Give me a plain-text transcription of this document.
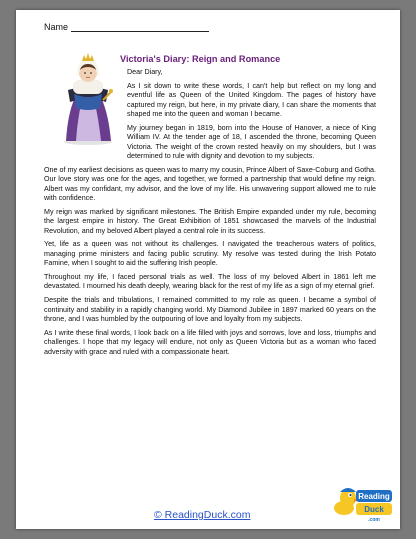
Name
Victoria's Diary: Reign and Romance

Dear Diary,

As I sit down to write these words, I can't help but reflect on my long and eventful life as Queen of the United Kingdom. The pages of history have captured my reign, but here, in my private diary, I can share the moments that shaped me into the queen and woman I became.

My journey began in 1819, born into the House of Hanover, a niece of King William IV. At the tender age of 18, I ascended the throne, becoming Queen Victoria. The weight of the crown rested heavily on my shoulders, but I was determined to rule with dignity and devotion to my subjects.

One of my earliest decisions as queen was to marry my cousin, Prince Albert of Saxe-Coburg and Gotha. Our love story was one for the ages, and together, we formed a partnership that would define my reign. Albert was my confidant, my advisor, and the love of my life. His unwavering support allowed me to rule with confidence.

My reign was marked by significant milestones. The British Empire expanded under my rule, becoming the largest empire in history. The Great Exhibition of 1851 showcased the marvels of the Industrial Revolution, and my beloved Albert played a central role in its success.

Yet, life as a queen was not without its challenges. I navigated the treacherous waters of politics, managing prime ministers and facing public scrutiny. My resolve was tested during the Irish Potato Famine, when I sought to aid the suffering Irish people.

Throughout my life, I faced personal trials as well. The loss of my beloved Albert in 1861 left me devastated. I mourned his death deeply, wearing black for the rest of my life as a sign of my eternal grief.

Despite the trials and tribulations, I remained committed to my role as queen. I became a symbol of continuity and stability in a rapidly changing world. My Diamond Jubilee in 1897 marked 60 years on the throne, and I was humbled by the outpouring of love and loyalty from my subjects.

As I write these final words, I look back on a life filled with joys and sorrows, love and loss, triumphs and challenges. I hope that my legacy will endure, not only as Queen Victoria but as a woman who faced adversity with grace and ruled with a compassionate heart.

© ReadingDuck.com
Reading
Duck
.com
